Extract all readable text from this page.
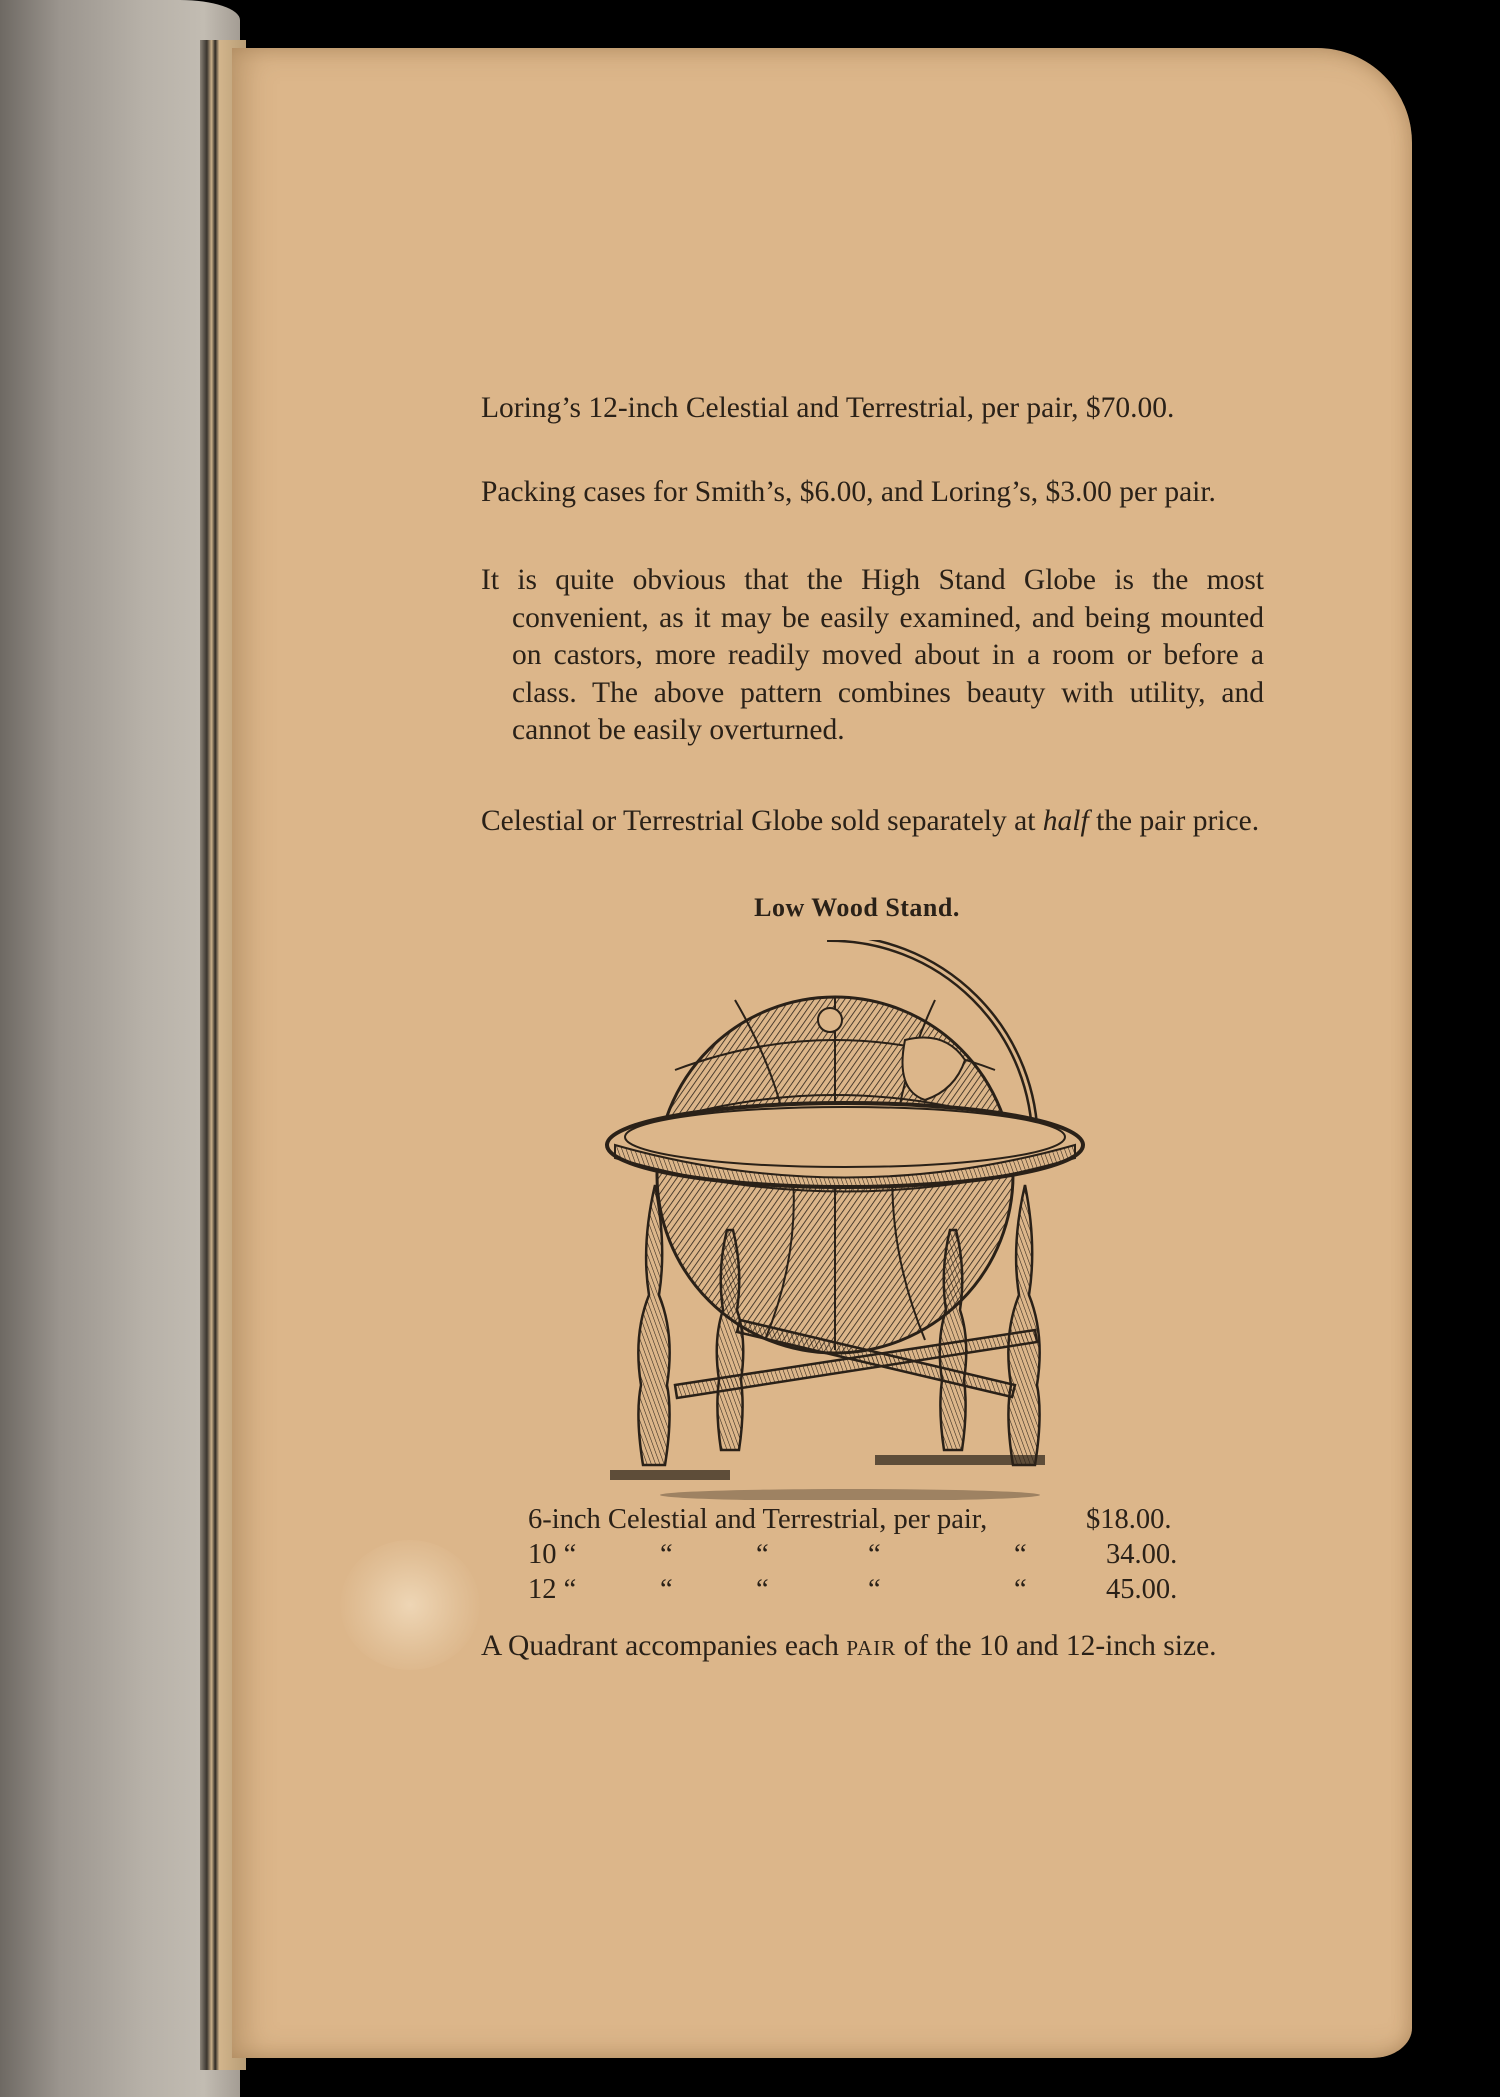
Loring’s 12-inch Celestial and Terrestrial, per pair, $70.00.

Packing cases for Smith’s, $6.00, and Loring’s, $3.00 per pair.

It is quite obvious that the High Stand Globe is the most convenient, as it may be easily examined, and being mounted on castors, more readily moved about in a room or before a class. The above pattern combines beauty with utility, and cannot be easily overturned.

Celestial or Terrestrial Globe sold separately at half the pair price.

Low Wood Stand.
6-inch Celestial and Terrestrial, per pair,	$18.00.
10 “	“	“	“	“	34.00.
12 “	“	“	“	“	45.00.

A Quadrant accompanies each pair of the 10 and 12-inch size.
